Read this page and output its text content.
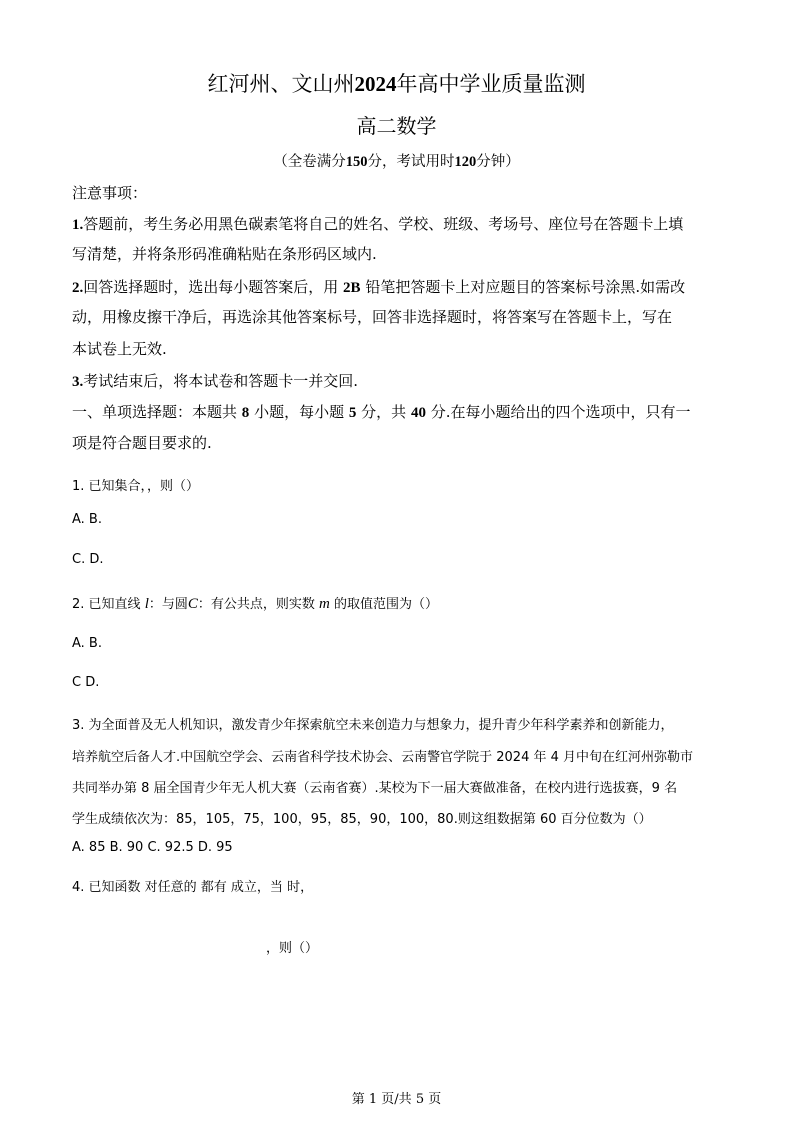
红河州、文山州2024年高中学业质量监测
高二数学
（全卷满分150分，考试用时120分钟）
注意事项：
1.答题前，考生务必用黑色碳素笔将自己的姓名、学校、班级、考场号、座位号在答题卡上填
写清楚，并将条形码准确粘贴在条形码区域内.
2.回答选择题时，选出每小题答案后，用 2B 铅笔把答题卡上对应题目的答案标号涂黑.如需改
动，用橡皮擦干净后，再选涂其他答案标号，回答非选择题时，将答案写在答题卡上，写在
本试卷上无效.
3.考试结束后，将本试卷和答题卡一并交回.
一、单项选择题：本题共 8 小题，每小题 5 分，共 40 分.在每小题给出的四个选项中，只有一
项是符合题目要求的.
1. 已知集合，，则（）
A. B.
C. D.
2. 已知直线 l：与圆C：有公共点，则实数 m 的取值范围为（）
A. B.
C D.
3. 为全面普及无人机知识，激发青少年探索航空未来创造力与想象力，提升青少年科学素养和创新能力，
培养航空后备人才.中国航空学会、云南省科学技术协会、云南警官学院于 2024 年 4 月中旬在红河州弥勒市
共同举办第 8 届全国青少年无人机大赛（云南省赛）.某校为下一届大赛做准备，在校内进行选拔赛，9 名
学生成绩依次为：85，105，75，100，95，85，90，100，80.则这组数据第 60 百分位数为（）
A. 85 B. 90 C. 92.5 D. 95
4. 已知函数 对任意的 都有 成立，当 时，
，则（）
第 1 页/共 5 页
